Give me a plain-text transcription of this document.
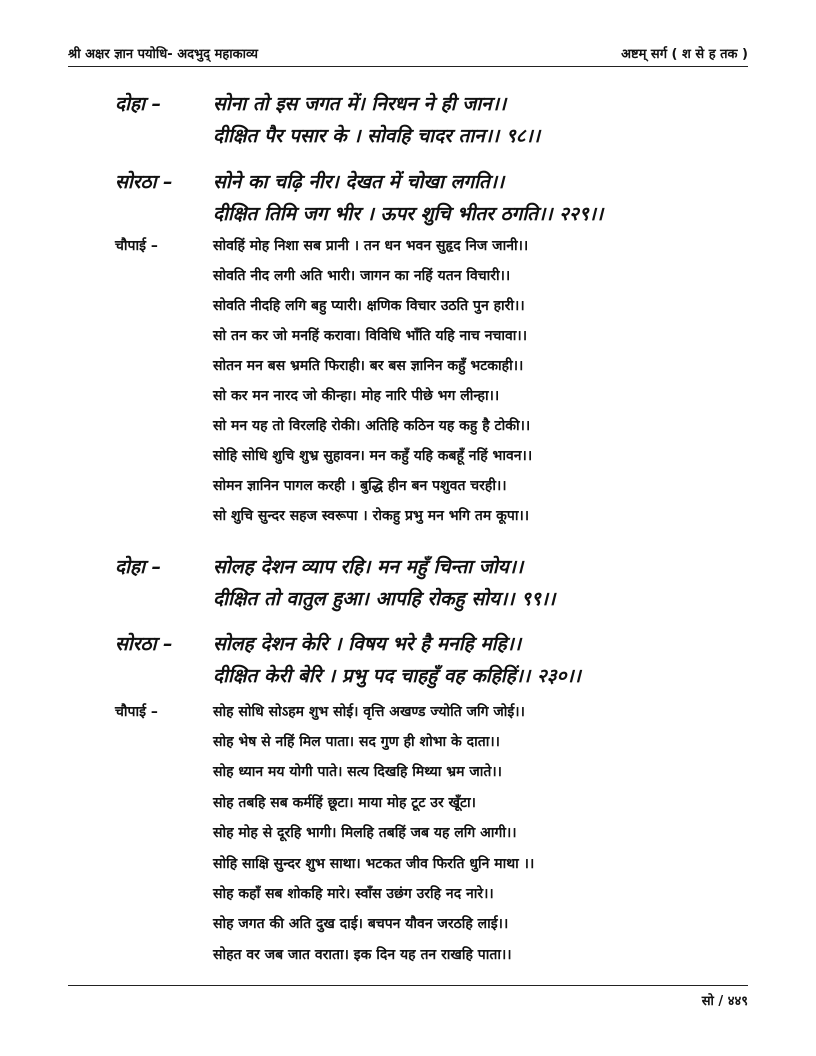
श्री अक्षर ज्ञान पयोधि- अदभुद् महाकाव्य	अष्टम् सर्ग ( श से ह तक )
दोहा –	सोना तो इस जगत में। निरधन ने ही जान।।
दीक्षित पैर पसार के । सोवहि चादर तान।। ९८।।
सोरठा – सोने का चढ़ि नीर। देखत में चोखा लगति।।
दीक्षित तिमि जग भीर । ऊपर शुचि भीतर ठगति।। २२९।।
चौपाई –	सोवहिं मोह निशा सब प्रानी । तन धन भवन सुहृद निज जानी।।
सोवति नीद लगी अति भारी। जागन का नहिं यतन विचारी।।
सोवति नीदहि लगि बहु प्यारी। क्षणिक विचार उठति पुन हारी।।
सो तन कर जो मनहिं करावा। विविधि भाँति यहि नाच नचावा।।
सोतन मन बस भ्रमति फिराही। बर बस ज्ञानिन कहुँ भटकाही।।
सो कर मन नारद जो कीन्हा। मोह नारि पीछे भग लीन्हा।।
सो मन यह तो विरलहि रोकी। अतिहि कठिन यह कहु है टोकी।।
सोहि सोधि शुचि शुभ्र सुहावन। मन कहुँ यहि कबहूँ नहिं भावन।।
सोमन ज्ञानिन पागल करही । बुद्धि हीन बन पशुवत चरही।।
सो शुचि सुन्दर सहज स्वरूपा । रोकहु प्रभु मन भगि तम कूपा।।
दोहा –	सोलह देशन व्याप रहि। मन महुँ चिन्ता जोय।।
दीक्षित तो वातुल हुआ। आपहि रोकहु सोय।। ९९।।
सोरठा – सोलह देशन केरि । विषय भरे है मनहि महि।।
दीक्षित केरी बेरि । प्रभु पद चाहहुँ वह कहिहिं।। २३०।।
चौपाई –	सोह सोधि सोऽहम शुभ सोई। वृत्ति अखण्ड ज्योति जगि जोई।।
सोह भेष से नहिं मिल पाता। सद गुण ही शोभा के दाता।।
सोह ध्यान मय योगी पाते। सत्य दिखहि मिथ्या भ्रम जाते।।
सोह तबहि सब कर्महिं छूटा। माया मोह टूट उर खूँटा।
सोह मोह से दूरहि भागी। मिलहि तबहिं जब यह लगि आगी।।
सोहि साक्षि सुन्दर शुभ साथा। भटकत जीव फिरति धुनि माथा ।।
सोह कहाँ सब शोकहि मारे। स्वाँस उछंग उरहि नद नारे।।
सोह जगत की अति दुख दाई। बचपन यौवन जरठहि लाई।।
सोहत वर जब जात वराता। इक दिन यह तन राखहि पाता।।
सो / ४४९
